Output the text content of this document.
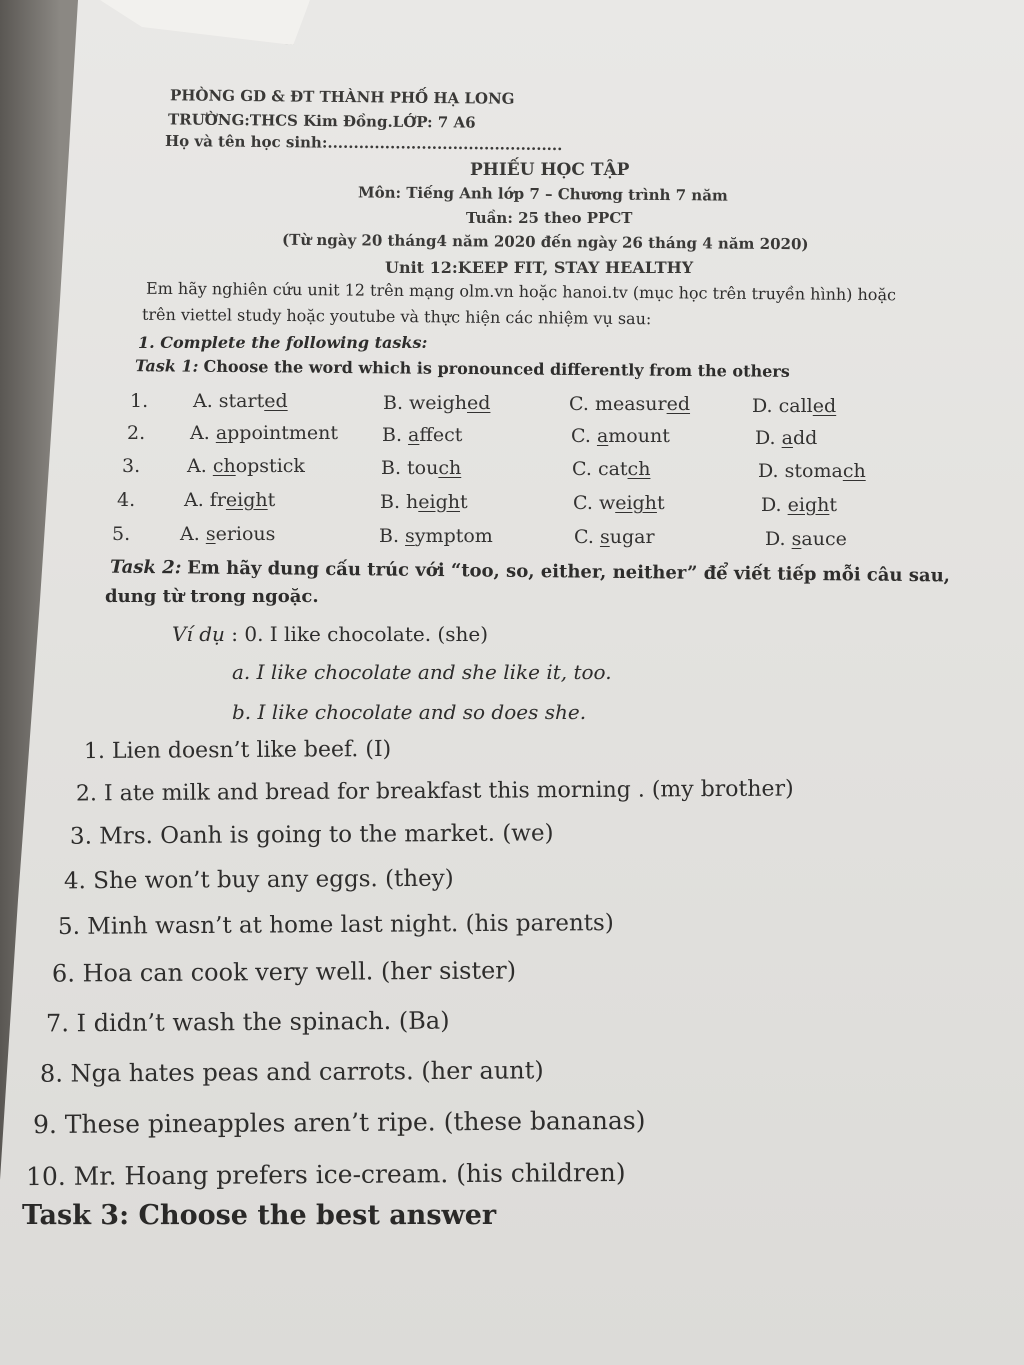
PHÒNG GD & ĐT THÀNH PHỐ HẠ LONG
TRƯỜNG:THCS Kim Đồng.LỚP: 7 A6
Họ và tên học sinh:.............................................
PHIẾU HỌC TẬP
Môn: Tiếng Anh lớp 7 – Chương trình 7 năm
Tuần: 25 theo PPCT
(Từ ngày 20 tháng4 năm 2020 đến ngày 26 tháng 4 năm 2020)
Unit 12:KEEP FIT, STAY HEALTHY
Em hãy nghiên cứu unit 12 trên mạng olm.vn hoặc hanoi.tv (mục học trên truyền hình) hoặc
trên viettel study hoặc youtube và thực hiện các nhiệm vụ sau:
1. Complete the following tasks:
Task 1: Choose the word which is pronounced differently from the others
1. A. started	B. weighed	C. measured	D. called
2. A. appointment B. affect	C. amount	D. add
3. A. chopstick	B. touch	C. catch	D. stomach
4.	A. freight	B. height	C. weight	D. eight
5.	A. serious	B. symptom	C. sugar	D. sauce
Task 2: Em hãy dung cấu trúc với “too, so, either, neither” để viết tiếp mỗi câu sau,
dung từ trong ngoặc.
Ví dụ : 0. I like chocolate. (she)
a. I like chocolate and she like it, too.
b. I like chocolate and so does she.
1. Lien doesn’t like beef. (I)
2. I ate milk and bread for breakfast this morning . (my brother)
3. Mrs. Oanh is going to the market. (we)
4. She won’t buy any eggs. (they)
5. Minh wasn’t at home last night. (his parents)
6. Hoa can cook very well. (her sister)
7. I didn’t wash the spinach. (Ba)
8. Nga hates peas and carrots. (her aunt)
9. These pineapples aren’t ripe. (these bananas)
10. Mr. Hoang prefers ice-cream. (his children)
Task 3: Choose the best answer
